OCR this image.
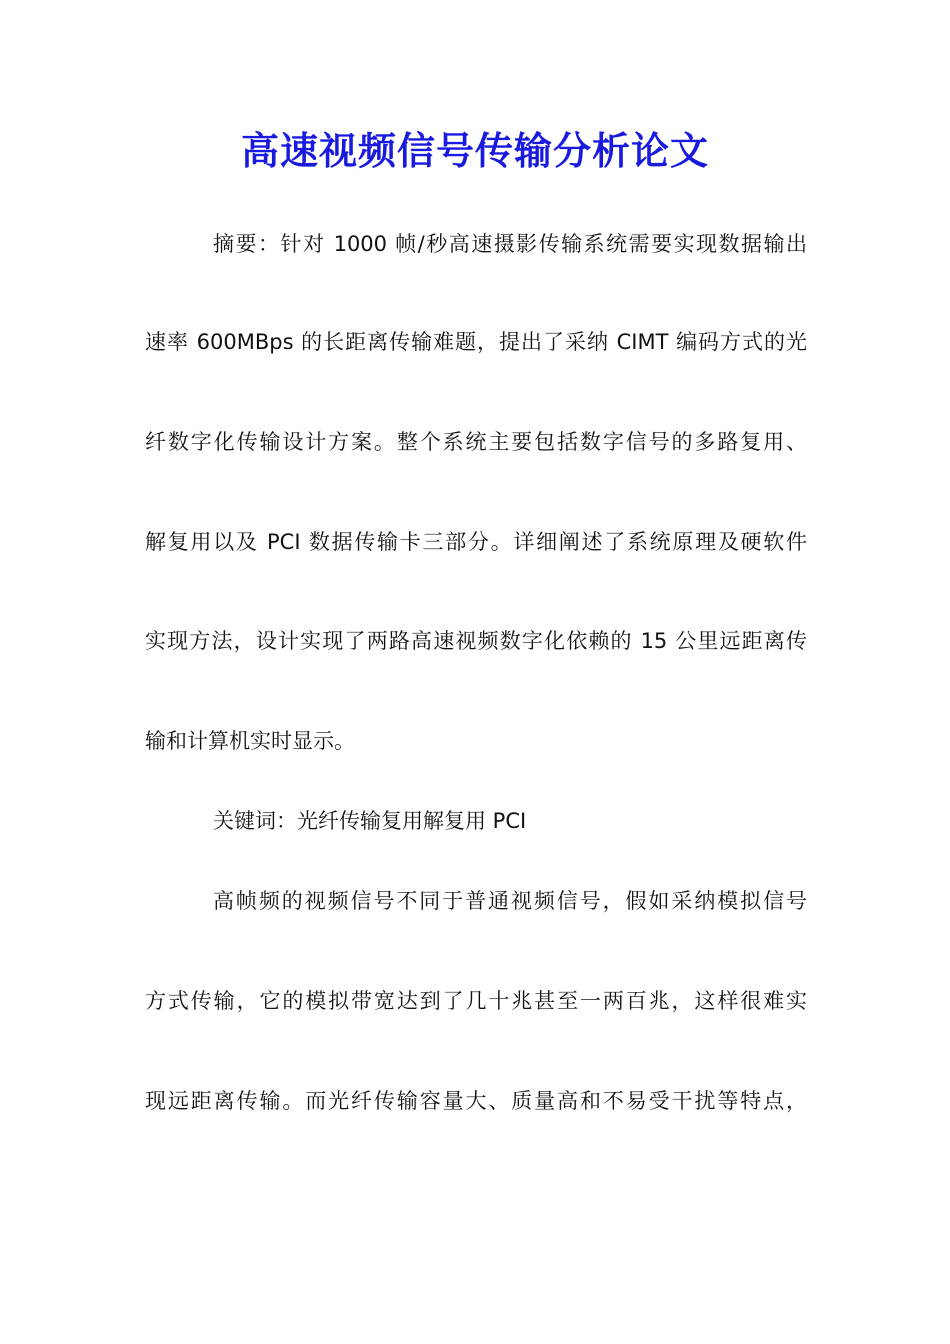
高速视频信号传输分析论文
摘要：针对 1000 帧/秒高速摄影传输系统需要实现数据输出
速率 600MBps 的长距离传输难题，提出了采纳 CIMT 编码方式的光
纤数字化传输设计方案。整个系统主要包括数字信号的多路复用、
解复用以及 PCI 数据传输卡三部分。详细阐述了系统原理及硬软件
实现方法，设计实现了两路高速视频数字化依赖的 15 公里远距离传
输和计算机实时显示。
关键词：光纤传输复用解复用 PCI
高帧频的视频信号不同于普通视频信号，假如采纳模拟信号
方式传输，它的模拟带宽达到了几十兆甚至一两百兆，这样很难实
现远距离传输。而光纤传输容量大、质量高和不易受干扰等特点，
